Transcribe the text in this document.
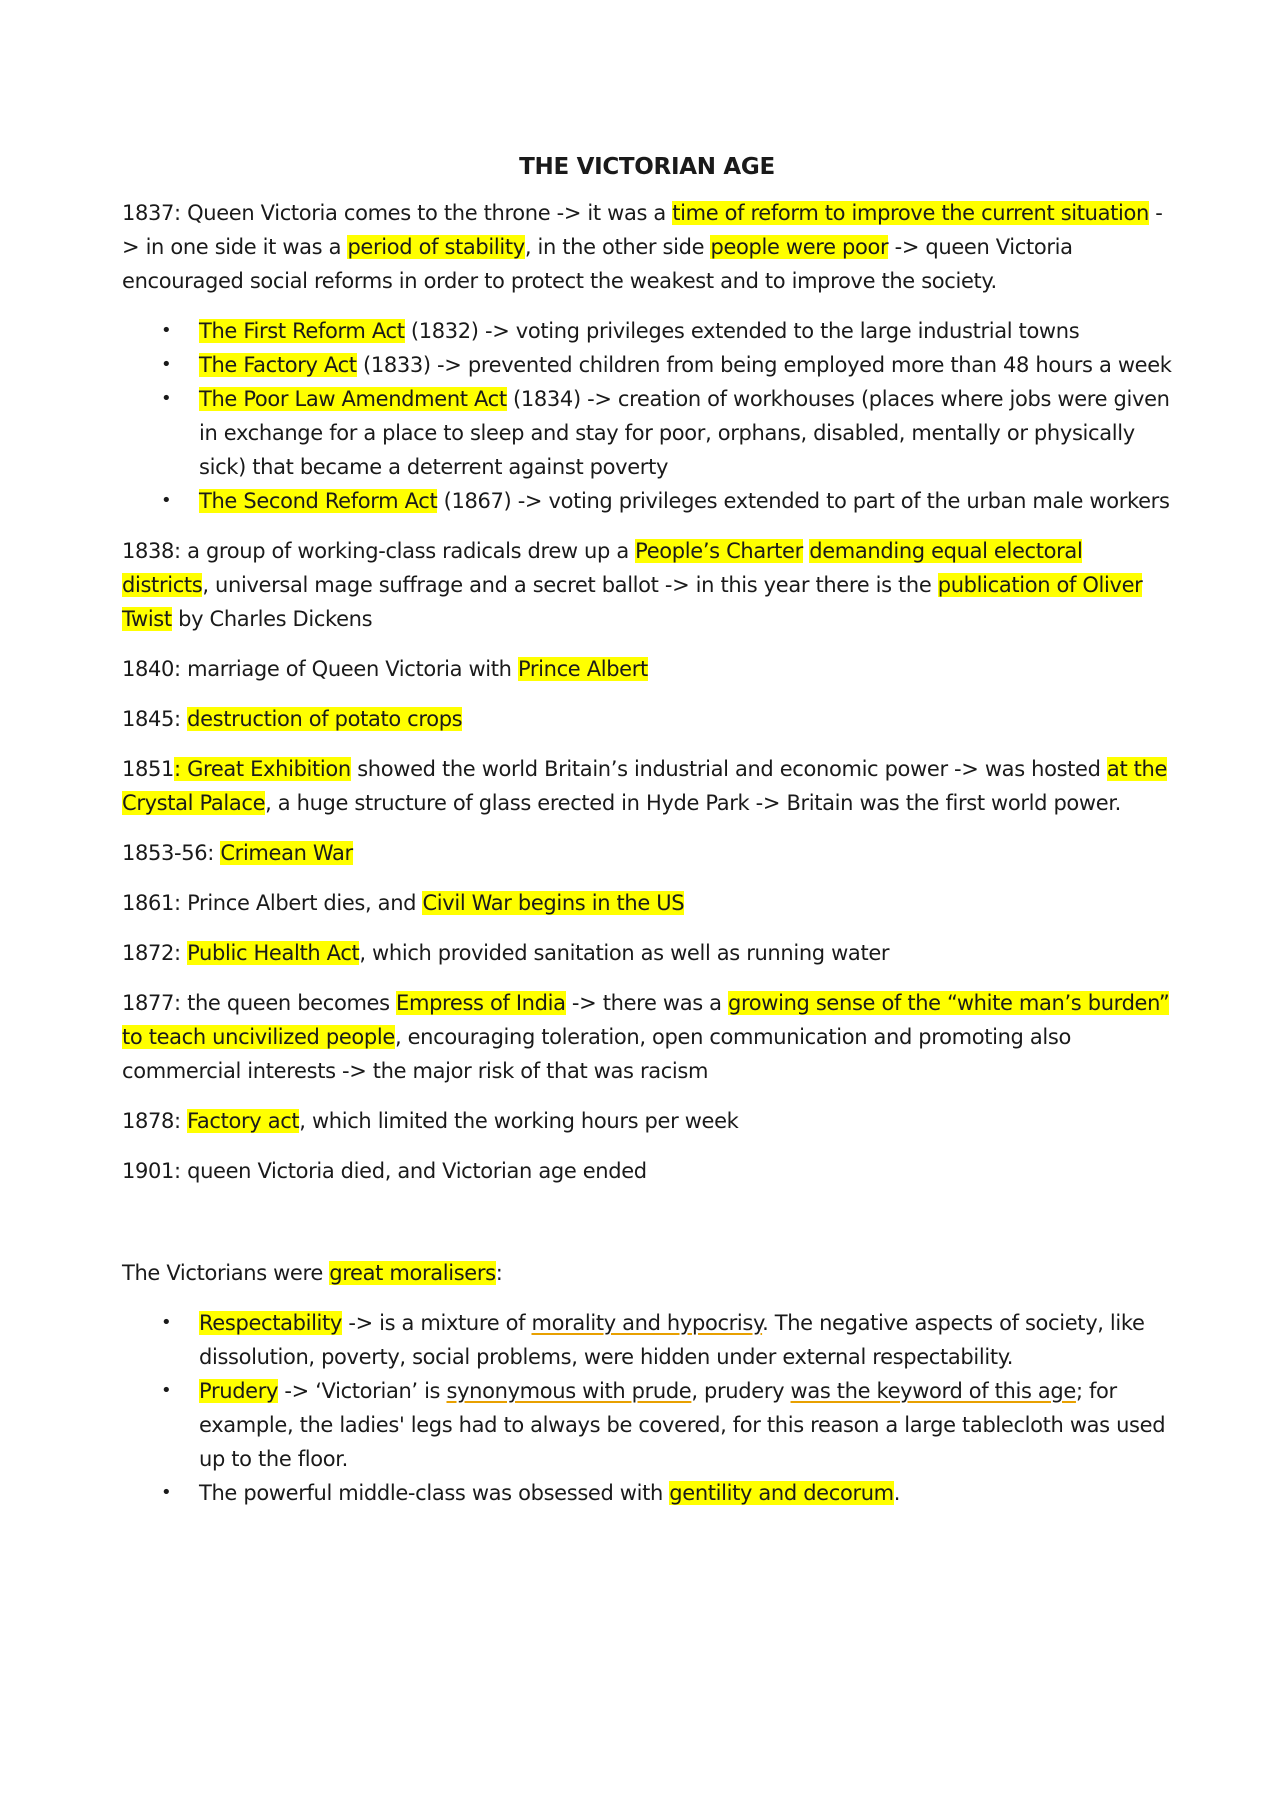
THE VICTORIAN AGE

1837: Queen Victoria comes to the throne -> it was a time of reform to improve the current situation -> in one side it was a period of stability, in the other side people were poor -> queen Victoria encouraged social reforms in order to protect the weakest and to improve the society.

• The First Reform Act (1832) -> voting privileges extended to the large industrial towns
• The Factory Act (1833) -> prevented children from being employed more than 48 hours a week
• The Poor Law Amendment Act (1834) -> creation of workhouses (places where jobs were given in exchange for a place to sleep and stay for poor, orphans, disabled, mentally or physically sick) that became a deterrent against poverty
• The Second Reform Act (1867) -> voting privileges extended to part of the urban male workers

1838: a group of working-class radicals drew up a People’s Charter demanding equal electoral districts, universal mage suffrage and a secret ballot -> in this year there is the publication of Oliver Twist by Charles Dickens

1840: marriage of Queen Victoria with Prince Albert

1845: destruction of potato crops

1851: Great Exhibition showed the world Britain’s industrial and economic power -> was hosted at the Crystal Palace, a huge structure of glass erected in Hyde Park -> Britain was the first world power.

1853-56: Crimean War

1861: Prince Albert dies, and Civil War begins in the US

1872: Public Health Act, which provided sanitation as well as running water

1877: the queen becomes Empress of India -> there was a growing sense of the “white man’s burden” to teach uncivilized people, encouraging toleration, open communication and promoting also commercial interests -> the major risk of that was racism

1878: Factory act, which limited the working hours per week

1901: queen Victoria died, and Victorian age ended

The Victorians were great moralisers:

• Respectability -> is a mixture of morality and hypocrisy. The negative aspects of society, like dissolution, poverty, social problems, were hidden under external respectability.
• Prudery -> ‘Victorian’ is synonymous with prude, prudery was the keyword of this age; for example, the ladies' legs had to always be covered, for this reason a large tablecloth was used up to the floor.
• The powerful middle-class was obsessed with gentility and decorum.
